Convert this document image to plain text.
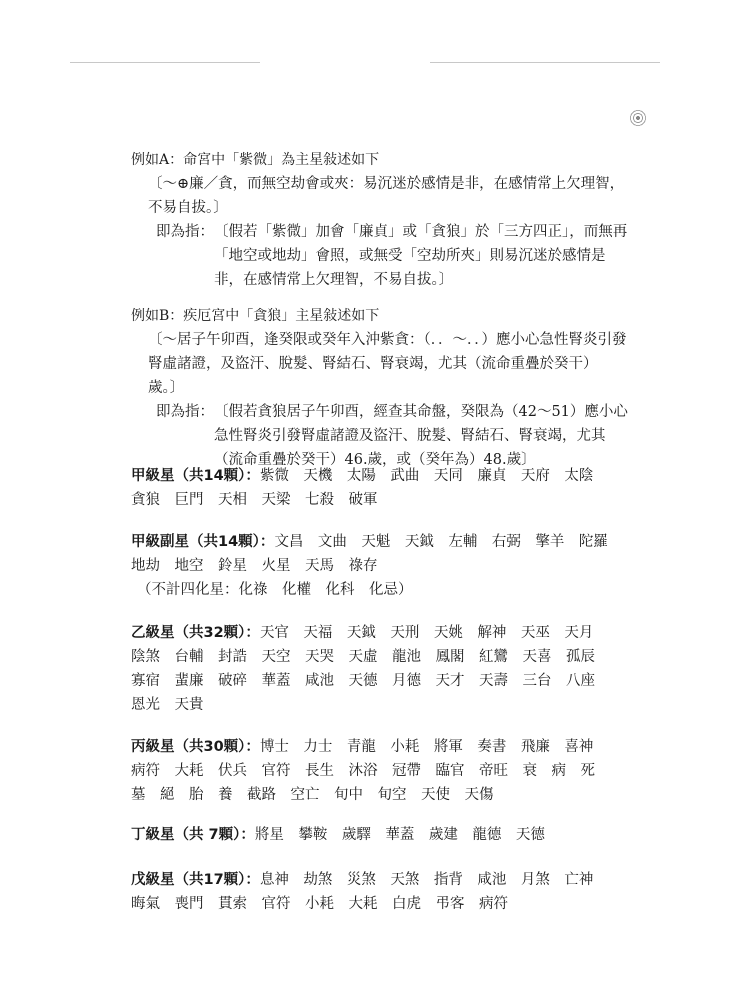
例如A：命宮中「紫微」為主星敍述如下

〔～⊕廉／貪，而無空劫會或夾：易沉迷於感情是非，在感情常上欠理智，不易自拔。〕

即為指： 〔假若「紫微」加會「廉貞」或「貪狼」於「三方四正」，而無再「地空或地劫」會照，或無受「空劫所夾」則易沉迷於感情是非，在感情常上欠理智，不易自拔。〕

例如B：疾厄宮中「貪狼」主星敍述如下

〔～居子午卯酉，逢癸限或癸年入沖紫貪：（．．～．．）應小心急性腎炎引發腎虛諸證，及盜汗、脫髮、腎結石、腎衰竭，尤其（流命重疊於癸干） 歲。〕

即為指： 〔假若貪狼居子午卯酉，經查其命盤，癸限為（42～51）應小心急性腎炎引發腎虛諸證及盜汗、脫髮、腎結石、腎衰竭，尤其（流命重疊於癸干）46.歲，或（癸年為）48.歲〕

甲級星（共14顆）：紫微　天機　太陽　武曲　天同　廉貞　天府　太陰

貪狼　巨門　天相　天梁　七殺　破軍

甲級副星（共14顆）：文昌　文曲　天魁　天鉞　左輔　右弼　擎羊　陀羅

地劫　地空　鈴星　火星　天馬　祿存

（不計四化星：化祿　化權　化科　化忌）

乙級星（共32顆）：天官　天福　天鉞　天刑　天姚　解神　天巫　天月

陰煞　台輔　封誥　天空　天哭　天虛　龍池　鳳閣　紅鸞　天喜　孤辰

寡宿　蜚廉　破碎　華蓋　咸池　天德　月德　天才　天壽　三台　八座

恩光　天貴

丙級星（共30顆）：博士　力士　青龍　小耗　將軍　奏書　飛廉　喜神

病符　大耗　伏兵　官符　長生　沐浴　冠帶　臨官　帝旺　衰　病　死

墓　絕　胎　養　截路　空亡　旬中　旬空　天使　天傷

丁級星（共 7顆）：將星　攀鞍　歲驛　華蓋　歲建　龍德　天德

戊級星（共17顆）：息神　劫煞　災煞　天煞　指背　咸池　月煞　亡神

晦氣　喪門　貫索　官符　小耗　大耗　白虎　弔客　病符
